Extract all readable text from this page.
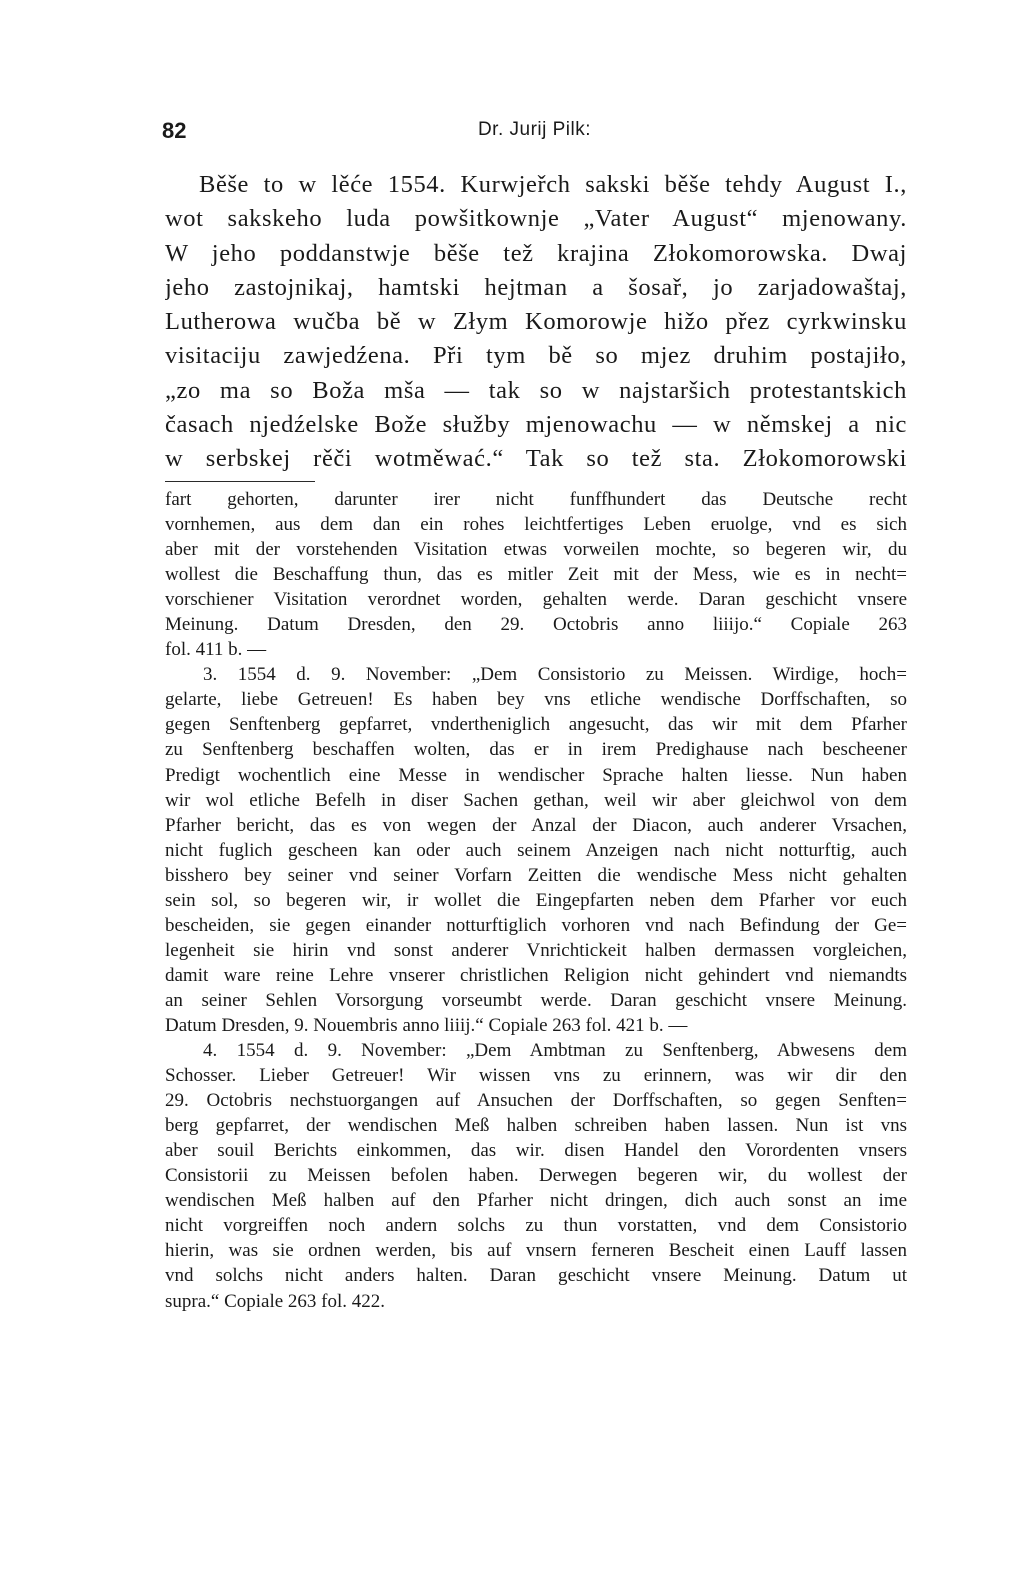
82	Dr. Jurij Pilk:
Běše to w lěće 1554. Kurwjeřch sakski běše tehdy August I.,
wot sakskeho luda powšitkownje „Vater August“ mjenowany.
W jeho poddanstwje běše tež krajina Złokomorowska. Dwaj
jeho zastojnikaj, hamtski hejtman a šosař, jo zarjadowaštaj,
Lutherowa wučba bě w Złym Komorowje hižo přez cyrkwinsku
visitaciju zawjedźena. Při tym bě so mjez druhim postajiło,
„zo ma so Boža mša — tak so w najstaršich protestantskich
časach njedźelske Bože słužby mjenowachu — w němskej a nic
w serbskej rěči wotměwać.“ Tak so tež sta. Złokomorowski
fart gehorten, darunter irer nicht funffhundert das Deutsche recht
vornhemen, aus dem dan ein rohes leichtfertiges Leben eruolge, vnd es sich
aber mit der vorstehenden Visitation etwas vorweilen mochte, so begeren wir, du
wollest die Beschaffung thun, das es mitler Zeit mit der Mess, wie es in necht=
vorschiener Visitation verordnet worden, gehalten werde. Daran geschicht vnsere
Meinung. Datum Dresden, den 29. Octobris anno liiijo.“ Copiale 263
fol. 411 b. —
3. 1554 d. 9. November: „Dem Consistorio zu Meissen. Wirdige, hoch=
gelarte, liebe Getreuen! Es haben bey vns etliche wendische Dorffschaften, so
gegen Senftenberg gepfarret, vndertheniglich angesucht, das wir mit dem Pfarher
zu Senftenberg beschaffen wolten, das er in irem Predighause nach beschеener
Predigt wochentlich eine Messe in wendischer Sprache halten liesse. Nun haben
wir wol etliche Befelh in diser Sachen gethan, weil wir aber gleichwol von dem
Pfarher bericht, das es von wegen der Anzal der Diacon, auch anderer Vrsachen,
nicht fuglich geschееn kan oder auch seinem Anzeigen nach nicht notturftig, auch
bisshero bey seiner vnd seiner Vorfarn Zeitten die wendische Mess nicht gehalten
sein sol, so begeren wir, ir wollet die Eingepfarten neben dem Pfarher vor euch
bescheiden, sie gegen einander notturftiglich vorhoren vnd nach Befindung der Ge=
legenheit sie hirin vnd sonst anderer Vnrichtickeit halben dermassen vorgleichen,
damit ware reine Lehre vnserer christlichen Religion nicht gehindert vnd niemandts
an seiner Sehlen Vorsorgung vorseumbt werde. Daran geschicht vnsere Meinung.
Datum Dresden, 9. Nouembris anno liiij.“ Copiale 263 fol. 421 b. —
4. 1554 d. 9. November: „Dem Ambtman zu Senftenberg, Abwesens dem
Schosser. Lieber Getreuer! Wir wissen vns zu erinnern, was wir dir den
29. Octobris nechstuorgangen auf Ansuchen der Dorffschaften, so gegen Senften=
berg gepfarret, der wendischen Meß halben schreiben haben lassen. Nun ist vns
aber souil Berichts einkommen, das wir. disen Handel den Vorordenten vnsers
Consistorii zu Meissen befolen haben. Derwegen begeren wir, du wollest der
wendischen Meß halben auf den Pfarher nicht dringen, dich auch sonst an ime
nicht vorgreiffen noch andern solchs zu thun vorstatten, vnd dem Consistorio
hierin, was sie ordnen werden, bis auf vnsern ferneren Bescheit einen Lauff lassen
vnd solchs nicht anders halten. Daran geschicht vnsere Meinung. Datum ut
supra.“ Copiale 263 fol. 422.
